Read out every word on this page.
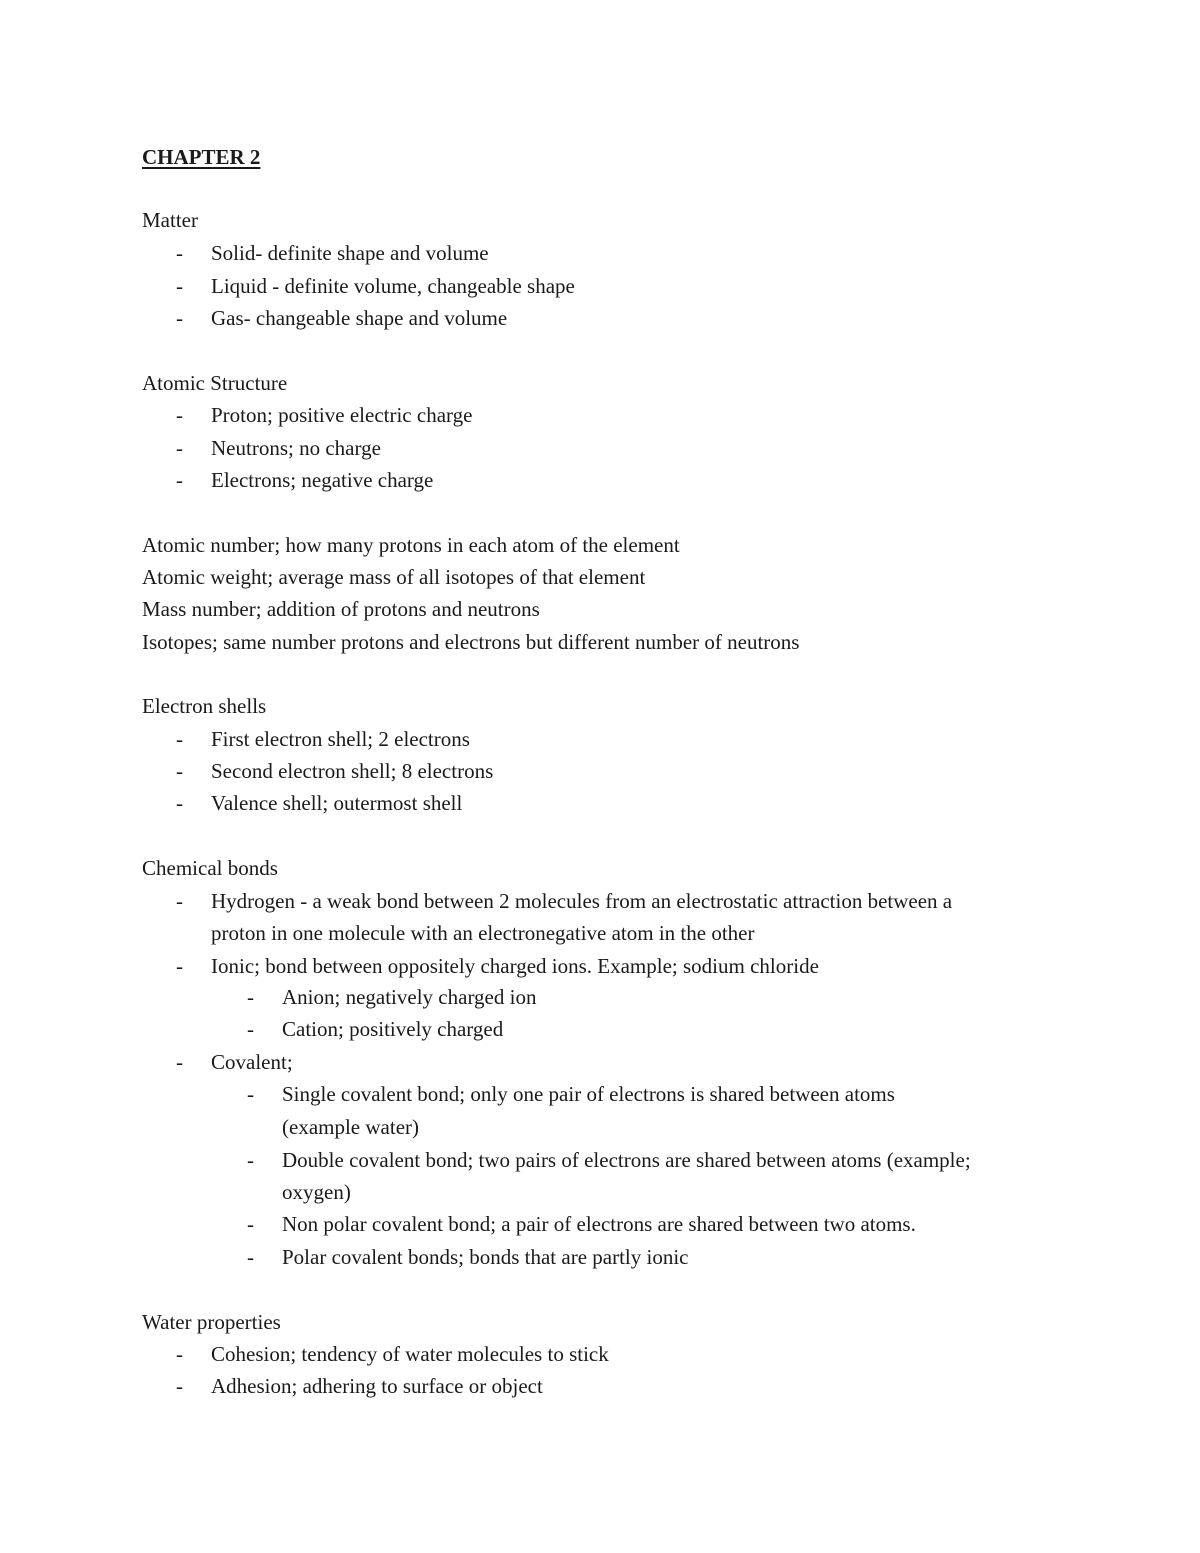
CHAPTER 2
Matter
- Solid- definite shape and volume
- Liquid - definite volume, changeable shape
- Gas- changeable shape and volume
Atomic Structure
- Proton; positive electric charge
- Neutrons; no charge
- Electrons; negative charge
Atomic number; how many protons in each atom of the element
Atomic weight; average mass of all isotopes of that element
Mass number; addition of protons and neutrons
Isotopes; same number protons and electrons but different number of neutrons
Electron shells
- First electron shell; 2 electrons
- Second electron shell; 8 electrons
- Valence shell; outermost shell
Chemical bonds
- Hydrogen - a weak bond between 2 molecules from an electrostatic attraction between a
proton in one molecule with an electronegative atom in the other
- Ionic; bond between oppositely charged ions. Example; sodium chloride
- Anion; negatively charged ion
- Cation; positively charged
- Covalent;
- Single covalent bond; only one pair of electrons is shared between atoms
(example water)
- Double covalent bond; two pairs of electrons are shared between atoms (example;
oxygen)
- Non polar covalent bond; a pair of electrons are shared between two atoms.
- Polar covalent bonds; bonds that are partly ionic
Water properties
- Cohesion; tendency of water molecules to stick
- Adhesion; adhering to surface or object
